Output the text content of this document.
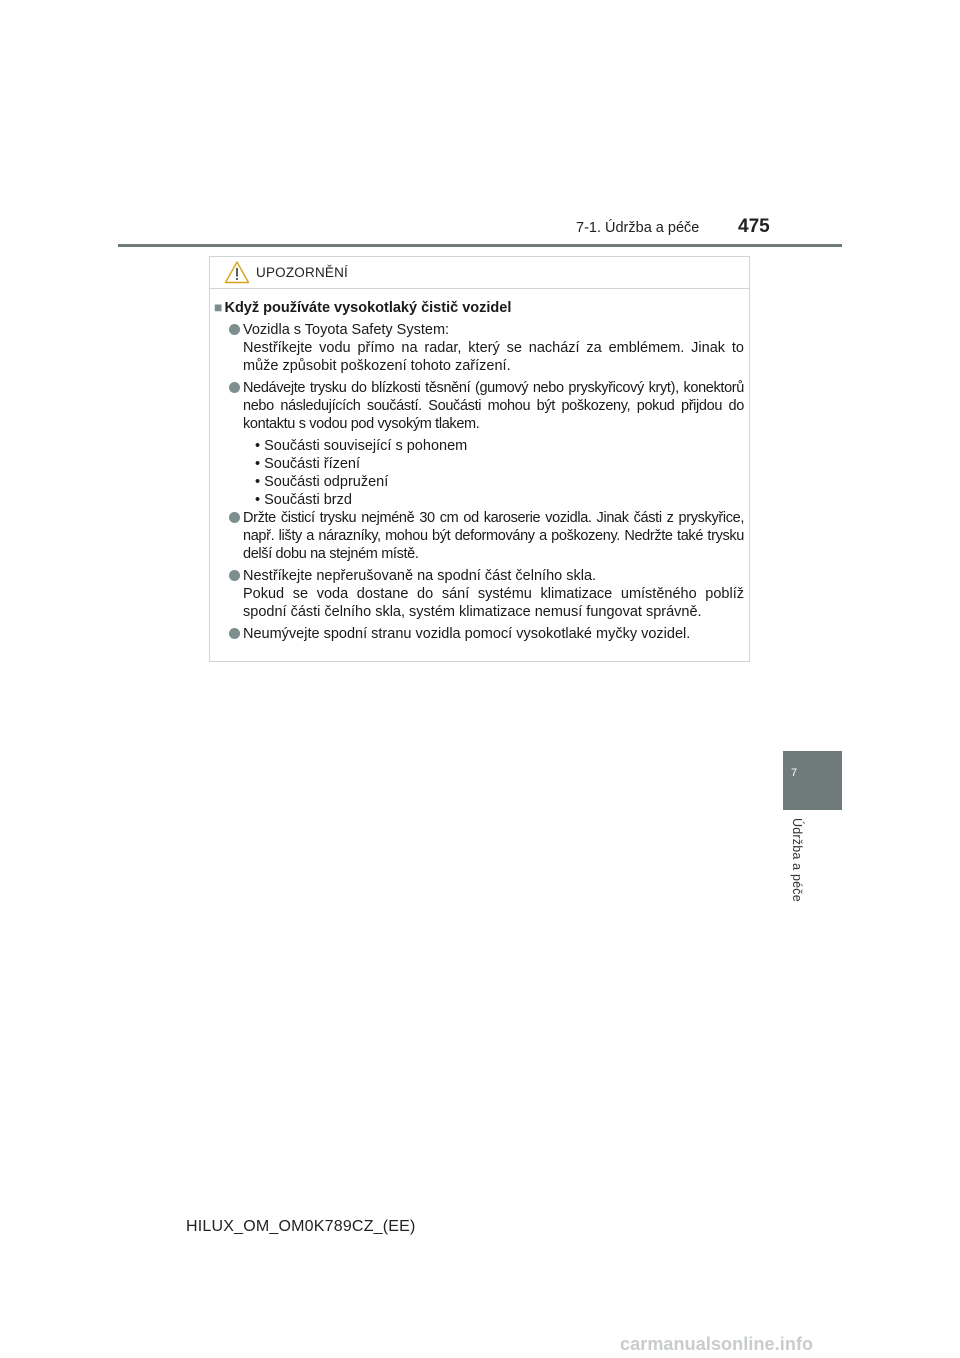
7-1. Údržba a péče 475
7
Údržba a péče
UPOZORNĚNÍ
■ Když používáte vysokotlaký čistič vozidel
Vozidla s Toyota Safety System:
Nestříkejte vodu přímo na radar, který se nachází za emblémem. Jinak to může způsobit poškození tohoto zařízení.
Nedávejte trysku do blízkosti těsnění (gumový nebo pryskyřicový kryt), konektorů nebo následujících součástí. Součásti mohou být poškozeny, pokud přijdou do kontaktu s vodou pod vysokým tlakem.
• Součásti související s pohonem
• Součásti řízení
• Součásti odpružení
• Součásti brzd
Držte čisticí trysku nejméně 30 cm od karoserie vozidla. Jinak části z pryskyřice, např. lišty a nárazníky, mohou být deformovány a poškozeny. Nedržte také trysku delší dobu na stejném místě.
Nestříkejte nepřerušovaně na spodní část čelního skla.
Pokud se voda dostane do sání systému klimatizace umístěného poblíž spodní části čelního skla, systém klimatizace nemusí fungovat správně.
Neumývejte spodní stranu vozidla pomocí vysokotlaké myčky vozidel.
HILUX_OM_OM0K789CZ_(EE)
carmanualsonline.info
